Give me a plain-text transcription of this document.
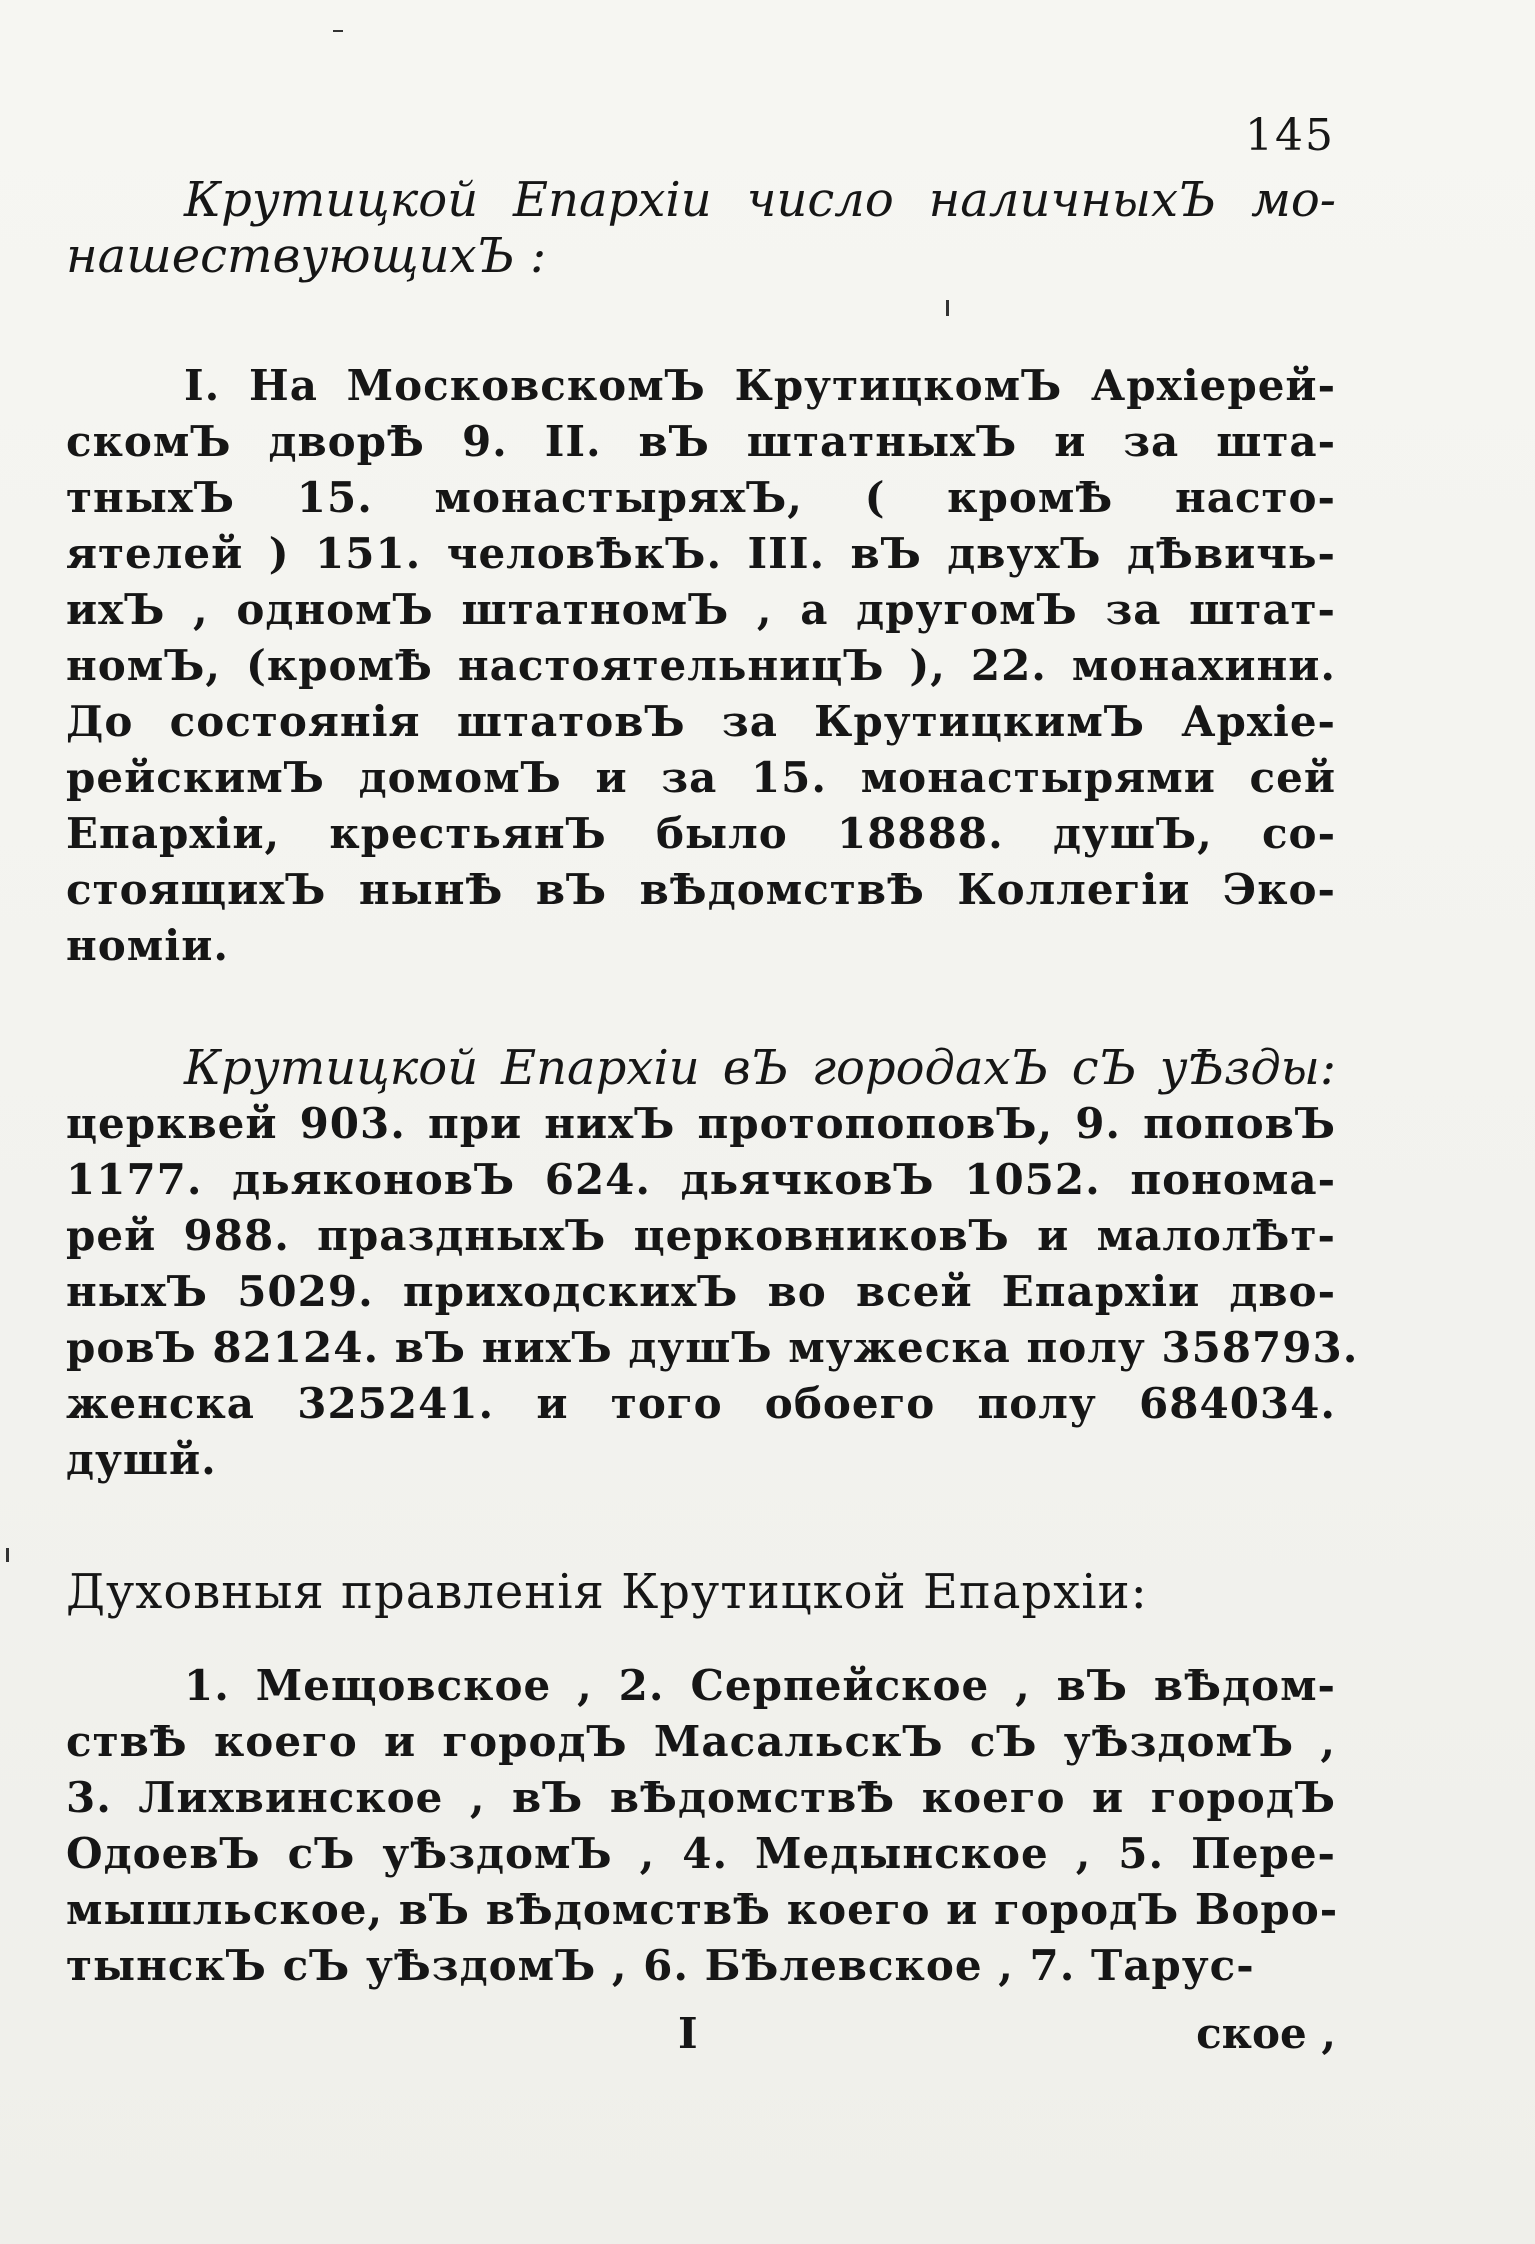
145
Крутицкой Епархіи число наличныхЪ мо-
нашествующихЪ :
I. На МосковскомЪ КрутицкомЪ Архіерей-
скомЪ дворѢ 9. II. вЪ штатныхЪ и за шта-
тныхЪ 15. монастыряхЪ, ( кромѢ насто-
ятелей ) 151. человѢкЪ. III. вЪ двухЪ дѢвичь-
ихЪ , одномЪ штатномЪ , а другомЪ за штат-
номЪ, (кромѢ настоятельницЪ ), 22. монахини.
До состоянія штатовЪ за КрутицкимЪ Архіе-
рейскимЪ домомЪ и за 15. монастырями сей
Епархіи, крестьянЪ было 18888. душЪ, со-
стоящихЪ нынѢ вЪ вѢдомствѢ Коллегіи Эко-
номіи.
Крутицкой Епархіи вЪ городахЪ сЪ уѢзды:
церквей 903. при нихЪ протопоповЪ, 9. поповЪ
1177. дьяконовЪ 624. дьячковЪ 1052. понома-
рей 988. праздныхЪ церковниковЪ и малолѢт-
ныхЪ 5029. приходскихЪ во всей Епархіи дво-
ровЪ 82124. вЪ нихЪ душЪ мужеска полу 358793.
женска 325241. и того обоего полу 684034.
душй.
Духовныя правленія Крутицкой Епархіи:
1. Мещовское , 2. Серпейское , вЪ вѢдом-
ствѢ коего и городЪ МасальскЪ сЪ уѢздомЪ ,
3. Лихвинское , вЪ вѢдомствѢ коего и городЪ
ОдоевЪ сЪ уѢздомЪ , 4. Медынское , 5. Пере-
мышльское, вЪ вѢдомствѢ коего и городЪ Воро-
тынскЪ сЪ уѢздомЪ , 6. БѢлевское , 7. Тарус-
I	ское ,
